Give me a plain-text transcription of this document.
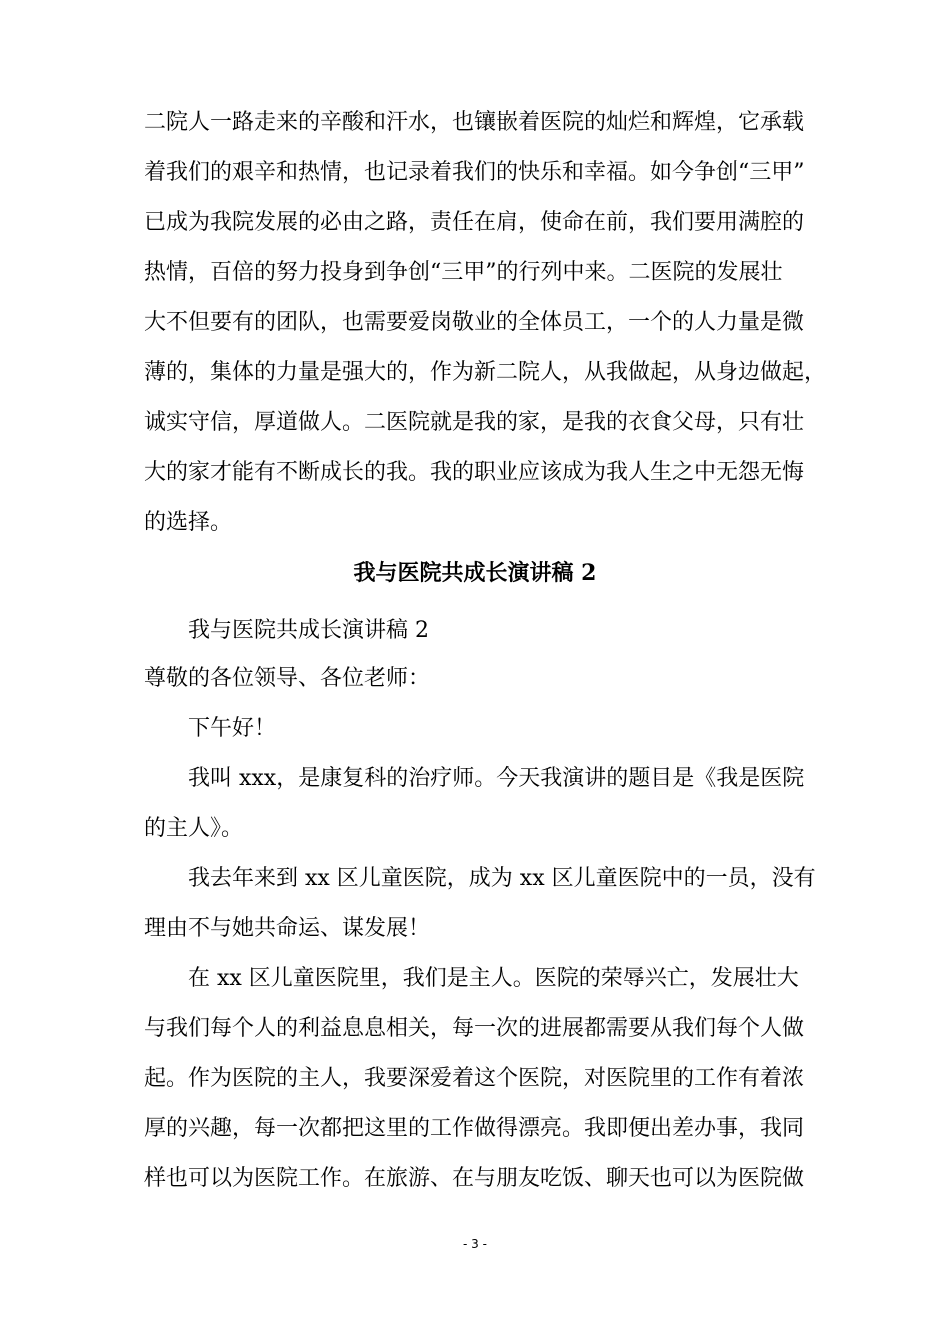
二院人一路走来的辛酸和汗水，也镶嵌着医院的灿烂和辉煌，它承载
着我们的艰辛和热情，也记录着我们的快乐和幸福。如今争创“三甲”
已成为我院发展的必由之路，责任在肩，使命在前，我们要用满腔的
热情，百倍的努力投身到争创“三甲”的行列中来。二医院的发展壮
大不但要有的团队，也需要爱岗敬业的全体员工，一个的人力量是微
薄的，集体的力量是强大的，作为新二院人，从我做起，从身边做起，
诚实守信，厚道做人。二医院就是我的家，是我的衣食父母，只有壮
大的家才能有不断成长的我。我的职业应该成为我人生之中无怨无悔
的选择。
我与医院共成长演讲稿 2
我与医院共成长演讲稿 2
尊敬的各位领导、各位老师：
下午好！
我叫 xxx，是康复科的治疗师。今天我演讲的题目是《我是医院
的主人》。
我去年来到 xx 区儿童医院，成为 xx 区儿童医院中的一员，没有
理由不与她共命运、谋发展！
在 xx 区儿童医院里，我们是主人。医院的荣辱兴亡，发展壮大
与我们每个人的利益息息相关，每一次的进展都需要从我们每个人做
起。作为医院的主人，我要深爱着这个医院，对医院里的工作有着浓
厚的兴趣，每一次都把这里的工作做得漂亮。我即便出差办事，我同
样也可以为医院工作。在旅游、在与朋友吃饭、聊天也可以为医院做
- 3 -
